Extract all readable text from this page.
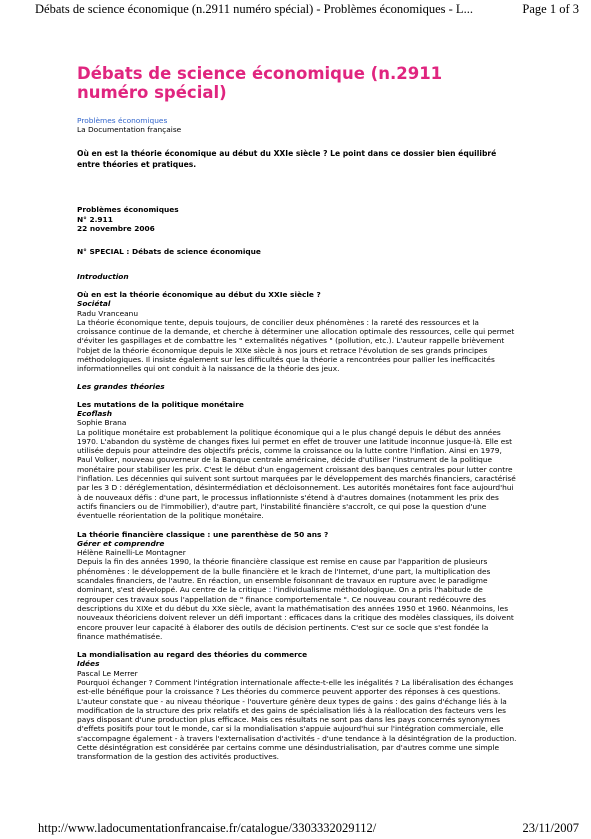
Débats de science économique (n.2911 numéro spécial) - Problèmes économiques - L...	Page 1 of 3
Débats de science économique (n.2911 numéro spécial)
Problèmes économiques
La Documentation française
Où en est la théorie économique au début du XXIe siècle ? Le point dans ce dossier bien équilibré entre théories et pratiques.
Problèmes économiques
N° 2.911
22 novembre 2006
N° SPECIAL : Débats de science économique
Introduction
Où en est la théorie économique au début du XXIe siècle ?
Sociétal
Radu Vranceanu
La théorie économique tente, depuis toujours, de concilier deux phénomènes : la rareté des ressources et la croissance continue de la demande, et cherche à déterminer une allocation optimale des ressources, celle qui permet d'éviter les gaspillages et de combattre les " externalités négatives " (pollution, etc.). L'auteur rappelle brièvement l'objet de la théorie économique depuis le XIXe siècle à nos jours et retrace l'évolution de ses grands principes méthodologiques. Il insiste également sur les difficultés que la théorie a rencontrées pour pallier les inefficacités informationnelles qui ont conduit à la naissance de la théorie des jeux.
Les grandes théories
Les mutations de la politique monétaire
Ecoflash
Sophie Brana
La politique monétaire est probablement la politique économique qui a le plus changé depuis le début des années 1970. L'abandon du système de changes fixes lui permet en effet de trouver une latitude inconnue jusque-là. Elle est utilisée depuis pour atteindre des objectifs précis, comme la croissance ou la lutte contre l'inflation. Ainsi en 1979, Paul Volker, nouveau gouverneur de la Banque centrale américaine, décide d'utiliser l'instrument de la politique monétaire pour stabiliser les prix. C'est le début d'un engagement croissant des banques centrales pour lutter contre l'inflation. Les décennies qui suivent sont surtout marquées par le développement des marchés financiers, caractérisé par les 3 D : déréglementation, désintermédiation et décloisonnement. Les autorités monétaires font face aujourd'hui à de nouveaux défis : d'une part, le processus inflationniste s'étend à d'autres domaines (notamment les prix des actifs financiers ou de l'immobilier), d'autre part, l'instabilité financière s'accroît, ce qui pose la question d'une éventuelle réorientation de la politique monétaire.
La théorie financière classique : une parenthèse de 50 ans ?
Gérer et comprendre
Hélène Rainelli-Le Montagner
Depuis la fin des années 1990, la théorie financière classique est remise en cause par l'apparition de plusieurs phénomènes : le développement de la bulle financière et le krach de l'Internet, d'une part, la multiplication des scandales financiers, de l'autre. En réaction, un ensemble foisonnant de travaux en rupture avec le paradigme dominant, s'est développé. Au centre de la critique : l'individualisme méthodologique. On a pris l'habitude de regrouper ces travaux sous l'appellation de " finance comportementale ". Ce nouveau courant redécouvre des descriptions du XIXe et du début du XXe siècle, avant la mathématisation des années 1950 et 1960. Néanmoins, les nouveaux théoriciens doivent relever un défi important : efficaces dans la critique des modèles classiques, ils doivent encore prouver leur capacité à élaborer des outils de décision pertinents. C'est sur ce socle que s'est fondée la finance mathématisée.
La mondialisation au regard des théories du commerce
Idées
Pascal Le Merrer
Pourquoi échanger ? Comment l'intégration internationale affecte-t-elle les inégalités ? La libéralisation des échanges est-elle bénéfique pour la croissance ? Les théories du commerce peuvent apporter des réponses à ces questions. L'auteur constate que - au niveau théorique - l'ouverture génère deux types de gains : des gains d'échange liés à la modification de la structure des prix relatifs et des gains de spécialisation liés à la réallocation des facteurs vers les pays disposant d'une production plus efficace. Mais ces résultats ne sont pas dans les pays concernés synonymes d'effets positifs pour tout le monde, car si la mondialisation s'appuie aujourd'hui sur l'intégration commerciale, elle s'accompagne également - à travers l'externalisation d'activités - d'une tendance à la désintégration de la production. Cette désintégration est considérée par certains comme une désindustrialisation, par d'autres comme une simple transformation de la gestion des activités productives.
http://www.ladocumentationfrancaise.fr/catalogue/3303332029112/	23/11/2007
